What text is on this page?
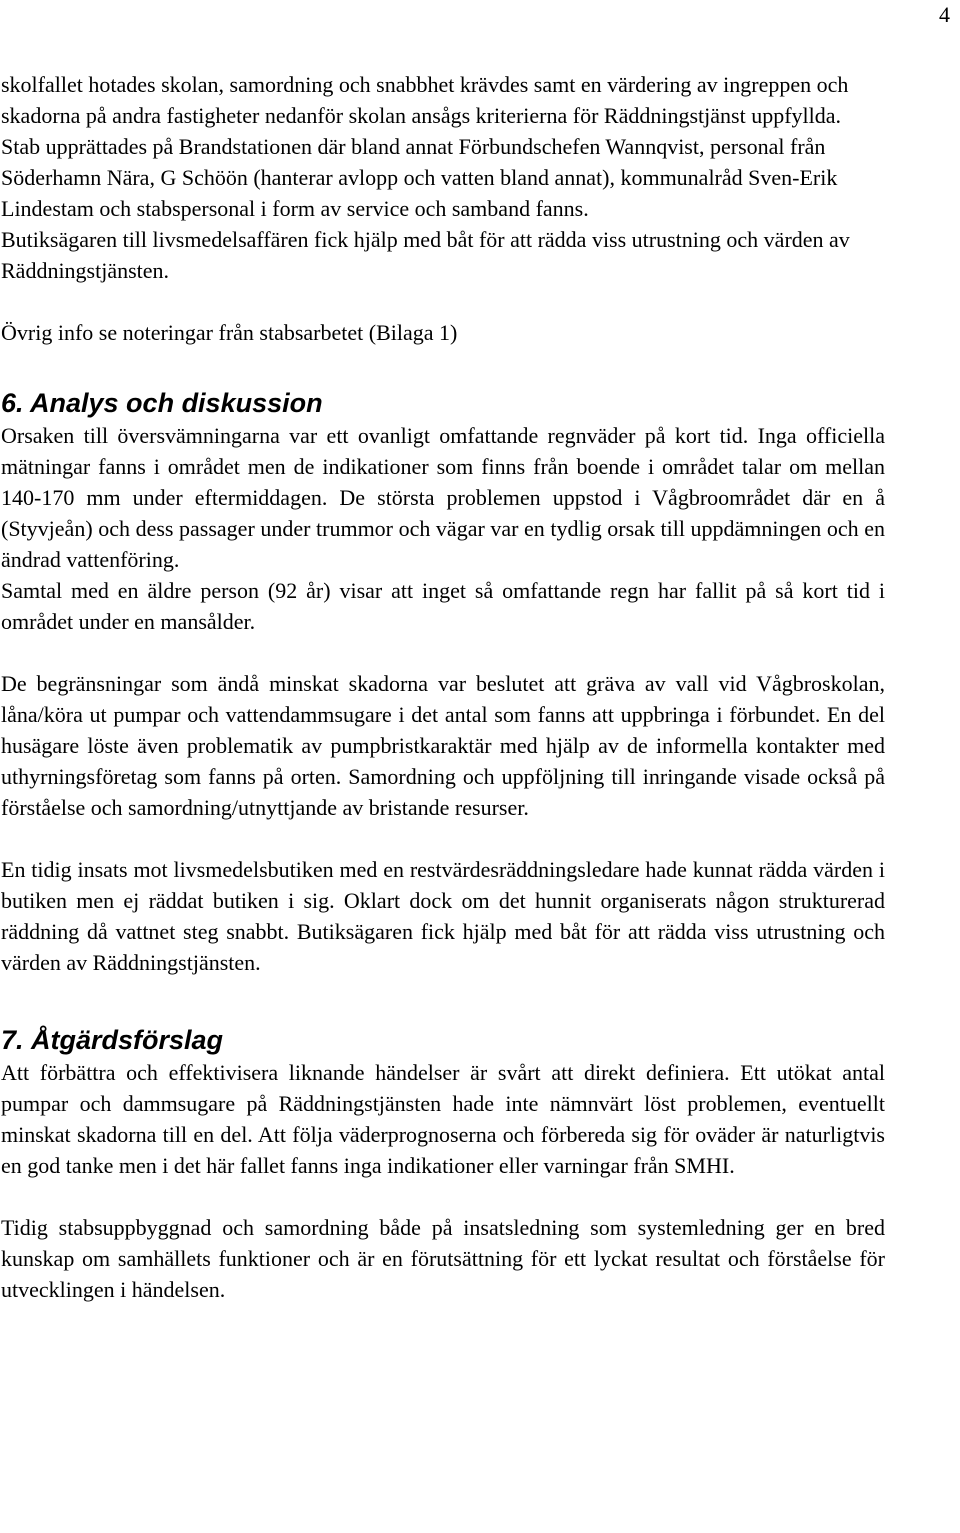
4

skolfallet hotades skolan, samordning och snabbhet krävdes samt en värdering av ingreppen och skadorna på andra fastigheter nedanför skolan ansågs kriterierna för Räddningstjänst uppfyllda.

Stab upprättades på Brandstationen där bland annat Förbundschefen Wannqvist, personal från Söderhamn Nära, G Schöön (hanterar avlopp och vatten bland annat), kommunalråd Sven-Erik Lindestam och stabspersonal i form av service och samband fanns.

Butiksägaren till livsmedelsaffären fick hjälp med båt för att rädda viss utrustning och värden av Räddningstjänsten.

Övrig info se noteringar från stabsarbetet (Bilaga 1)

6. Analys och diskussion

Orsaken till översvämningarna var ett ovanligt omfattande regnväder på kort tid. Inga officiella mätningar fanns i området men de indikationer som finns från boende i området talar om mellan 140-170 mm under eftermiddagen. De största problemen uppstod i Vågbroområdet där en å (Styvjeån) och dess passager under trummor och vägar var en tydlig orsak till uppdämningen och en ändrad vattenföring.

Samtal med en äldre person (92 år) visar att inget så omfattande regn har fallit på så kort tid i området under en mansålder.

De begränsningar som ändå minskat skadorna var beslutet att gräva av vall vid Vågbroskolan, låna/köra ut pumpar och vattendammsugare i det antal som fanns att uppbringa i förbundet. En del husägare löste även problematik av pumpbristkaraktär med hjälp av de informella kontakter med uthyrningsföretag som fanns på orten. Samordning och uppföljning till inringande visade också på förståelse och samordning/utnyttjande av bristande resurser.

En tidig insats mot livsmedelsbutiken med en restvärdesräddningsledare hade kunnat rädda värden i butiken men ej räddat butiken i sig. Oklart dock om det hunnit organiserats någon strukturerad räddning då vattnet steg snabbt. Butiksägaren fick hjälp med båt för att rädda viss utrustning och värden av Räddningstjänsten.

7. Åtgärdsförslag

Att förbättra och effektivisera liknande händelser är svårt att direkt definiera. Ett utökat antal pumpar och dammsugare på Räddningstjänsten hade inte nämnvärt löst problemen, eventuellt minskat skadorna till en del. Att följa väderprognoserna och förbereda sig för oväder är naturligtvis en god tanke men i det här fallet fanns inga indikationer eller varningar från SMHI.

Tidig stabsuppbyggnad och samordning både på insatsledning som systemledning ger en bred kunskap om samhällets funktioner och är en förutsättning för ett lyckat resultat och förståelse för utvecklingen i händelsen.
